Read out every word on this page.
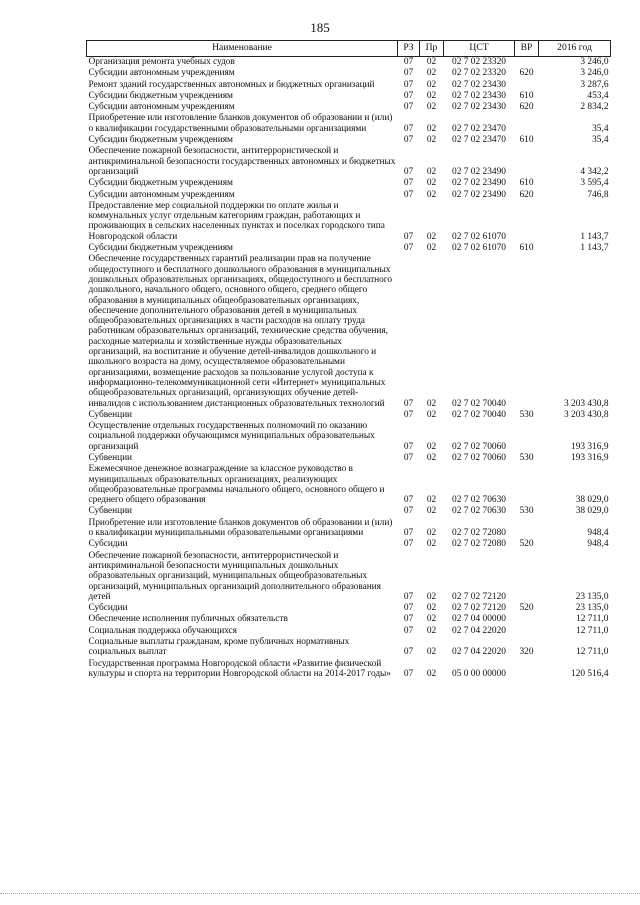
185
Наименование	РЗ	Пр	ЦСТ	ВР	2016 год
Организация ремонта учебных судов	07	02	02 7 02 23320		3 246,0
Субсидии автономным учреждениям	07	02	02 7 02 23320	620	3 246,0
Ремонт зданий государственных автономных и бюджетных организаций	07	02	02 7 02 23430		3 287,6
Субсидии бюджетным учреждениям	07	02	02 7 02 23430	610	453,4
Субсидии автономным учреждениям	07	02	02 7 02 23430	620	2 834,2
Приобретение или изготовление бланков документов об образовании и (или) о квалификации государственными образовательными организациями	07	02	02 7 02 23470		35,4
Субсидии бюджетным учреждениям	07	02	02 7 02 23470	610	35,4
Обеспечение пожарной безопасности, антитеррористической и антикриминальной безопасности государственных автономных и бюджетных организаций	07	02	02 7 02 23490		4 342,2
Субсидии бюджетным учреждениям	07	02	02 7 02 23490	610	3 595,4
Субсидии автономным учреждениям	07	02	02 7 02 23490	620	746,8
Предоставление мер социальной поддержки по оплате жилья и коммунальных услуг отдельным категориям граждан, работающих и проживающих в сельских населенных пунктах и поселках городского типа Новгородской области	07	02	02 7 02 61070		1 143,7
Субсидии бюджетным учреждениям	07	02	02 7 02 61070	610	1 143,7
Обеспечение государственных гарантий реализации прав на получение общедоступного и бесплатного дошкольного образования в муниципальных дошкольных образовательных организациях, общедоступного и бесплатного дошкольного, начального общего, основного общего, среднего общего образования в муниципальных общеобразовательных организациях, обеспечение дополнительного образования детей в муниципальных общеобразовательных организациях в части расходов на оплату труда работникам образовательных организаций, технические средства обучения, расходные материалы и хозяйственные нужды образовательных организаций, на воспитание и обучение детей-инвалидов дошкольного и школьного возраста на дому, осуществляемое образовательными организациями, возмещение расходов за пользование услугой доступа к информационно-телекоммуникационной сети «Интернет» муниципальных общеобразовательных организаций, организующих обучение детей-инвалидов с использованием дистанционных образовательных технологий	07	02	02 7 02 70040		3 203 430,8
Субвенции	07	02	02 7 02 70040	530	3 203 430,8
Осуществление отдельных государственных полномочий по оказанию социальной поддержки обучающимся муниципальных образовательных организаций	07	02	02 7 02 70060		193 316,9
Субвенции	07	02	02 7 02 70060	530	193 316,9
Ежемесячное денежное вознаграждение за классное руководство в муниципальных образовательных организациях, реализующих общеобразовательные программы начального общего, основного общего и среднего общего образования	07	02	02 7 02 70630		38 029,0
Субвенции	07	02	02 7 02 70630	530	38 029,0
Приобретение или изготовление бланков документов об образовании и (или) о квалификации муниципальными образовательными организациями	07	02	02 7 02 72080		948,4
Субсидии	07	02	02 7 02 72080	520	948,4
Обеспечение пожарной безопасности, антитеррористической и антикриминальной безопасности муниципальных дошкольных образовательных организаций, муниципальных общеобразовательных организаций, муниципальных организаций дополнительного образования детей	07	02	02 7 02 72120		23 135,0
Субсидии	07	02	02 7 02 72120	520	23 135,0
Обеспечение исполнения публичных обязательств	07	02	02 7 04 00000		12 711,0
Социальная поддержка обучающихся	07	02	02 7 04 22020		12 711,0
Социальные выплаты гражданам, кроме публичных нормативных социальных выплат	07	02	02 7 04 22020	320	12 711,0
Государственная программа Новгородской области «Развитие физической культуры и спорта на территории Новгородской области на 2014-2017 годы»	07	02	05 0 00 00000		120 516,4
